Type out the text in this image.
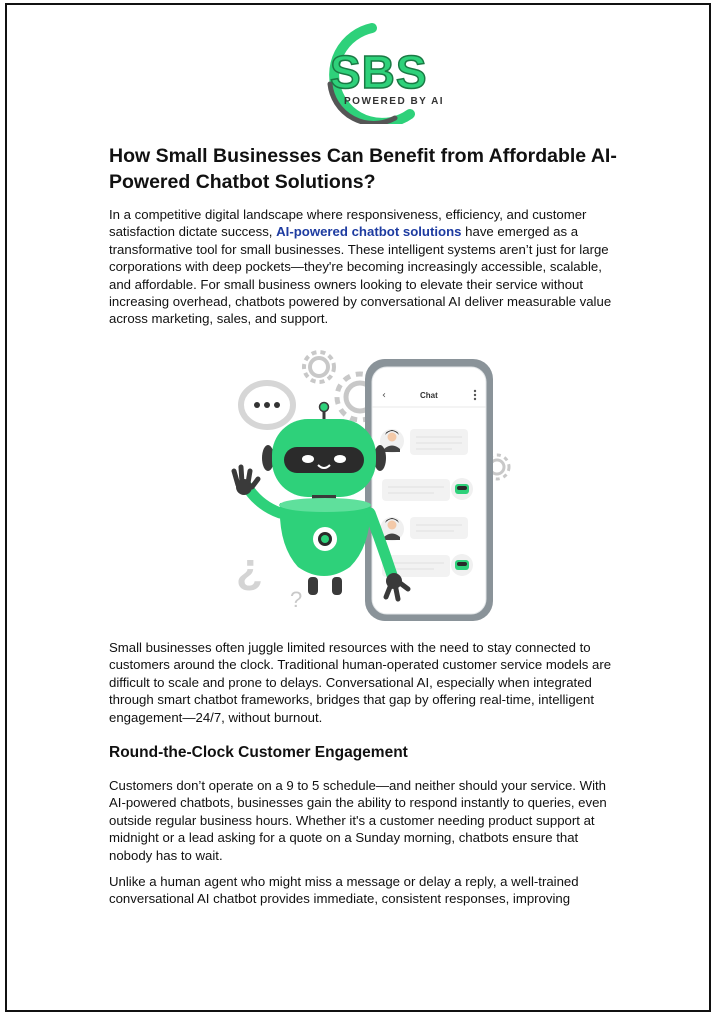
SBS
POWERED BY AI
How Small Businesses Can Benefit from Affordable AI-Powered Chatbot Solutions?

In a competitive digital landscape where responsiveness, efficiency, and customer satisfaction dictate success, AI-powered chatbot solutions have emerged as a transformative tool for small businesses. These intelligent systems aren’t just for large corporations with deep pockets—they're becoming increasingly accessible, scalable, and affordable. For small business owners looking to elevate their service without increasing overhead, chatbots powered by conversational AI deliver measurable value across marketing, sales, and support.

¿
?
‹	Chat

Small businesses often juggle limited resources with the need to stay connected to customers around the clock. Traditional human-operated customer service models are difficult to scale and prone to delays. Conversational AI, especially when integrated through smart chatbot frameworks, bridges that gap by offering real-time, intelligent engagement—24/7, without burnout.

Round-the-Clock Customer Engagement

Customers don’t operate on a 9 to 5 schedule—and neither should your service. With AI-powered chatbots, businesses gain the ability to respond instantly to queries, even outside regular business hours. Whether it's a customer needing product support at midnight or a lead asking for a quote on a Sunday morning, chatbots ensure that nobody has to wait.

Unlike a human agent who might miss a message or delay a reply, a well-trained conversational AI chatbot provides immediate, consistent responses, improving
